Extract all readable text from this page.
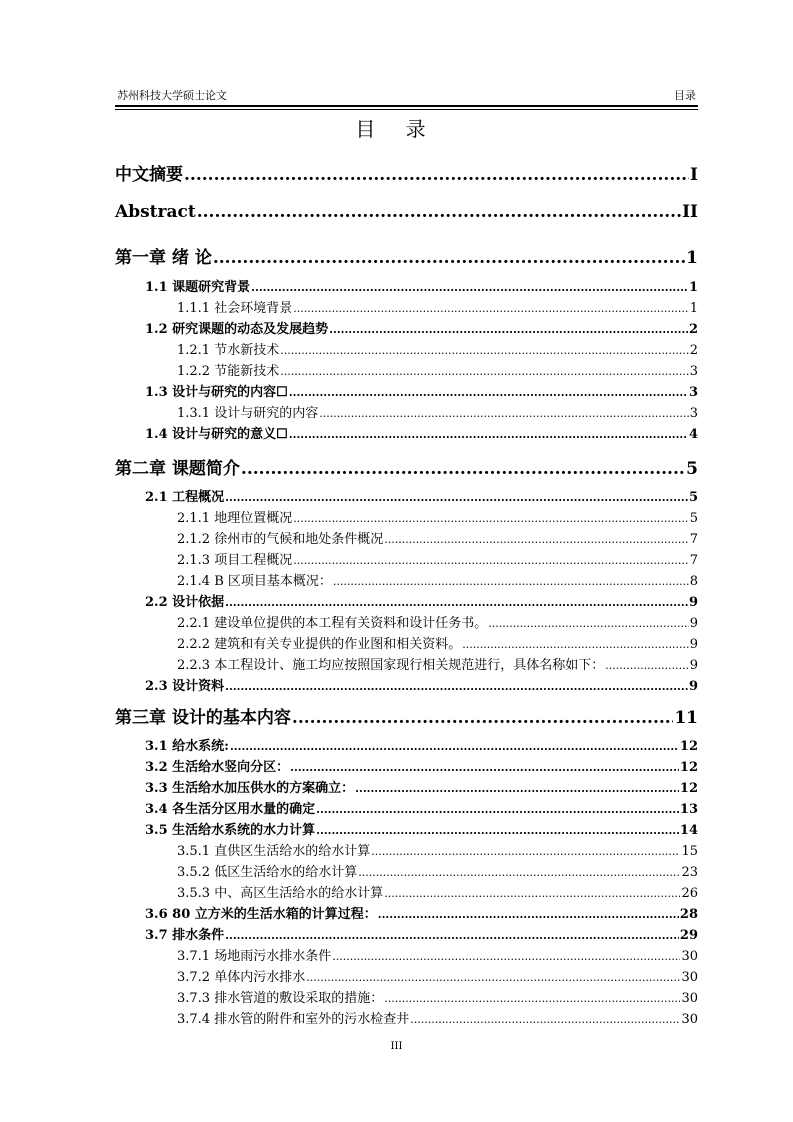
苏州科技大学硕士论文	目录
目 录
中文摘要 .....	I
Abstract .....	II
第一章 绪 论 .....	1
1.1 课题研究背景 .....	1
1.1.1 社会环境背景 .....	1
1.2 研究课题的动态及发展趋势 .....	2
1.2.1 节水新技术 .....	2
1.2.2 节能新技术 .....	3
1.3 设计与研究的内容☐ .....	3
1.3.1 设计与研究的内容 .....	3
1.4 设计与研究的意义☐ .....	4
第二章 课题简介 .....	5
2.1 工程概况 .....	5
2.1.1 地理位置概况 .....	5
2.1.2 徐州市的气候和地处条件概况 .....	7
2.1.3 项目工程概况 .....	7
2.1.4 B 区项目基本概况： .....	8
2.2 设计依据 .....	9
2.2.1 建设单位提供的本工程有关资料和设计任务书。 .....	9
2.2.2 建筑和有关专业提供的作业图和相关资料。 .....	9
2.2.3 本工程设计、施工均应按照国家现行相关规范进行，具体名称如下： .....	9
2.3 设计资料 .....	9
第三章 设计的基本内容 .....	11
3.1 给水系统: .....	12
3.2 生活给水竖向分区： .....	12
3.3 生活给水加压供水的方案确立： .....	12
3.4 各生活分区用水量的确定 .....	13
3.5 生活给水系统的水力计算 .....	14
3.5.1 直供区生活给水的给水计算 .....	15
3.5.2 低区生活给水的给水计算 .....	23
3.5.3 中、高区生活给水的给水计算 .....	26
3.6 80 立方米的生活水箱的计算过程： .....	28
3.7 排水条件 .....	29
3.7.1 场地雨污水排水条件 .....	30
3.7.2 单体内污水排水 .....	30
3.7.3 排水管道的敷设采取的措施： .....	30
3.7.4 排水管的附件和室外的污水检查井 .....	30
III
